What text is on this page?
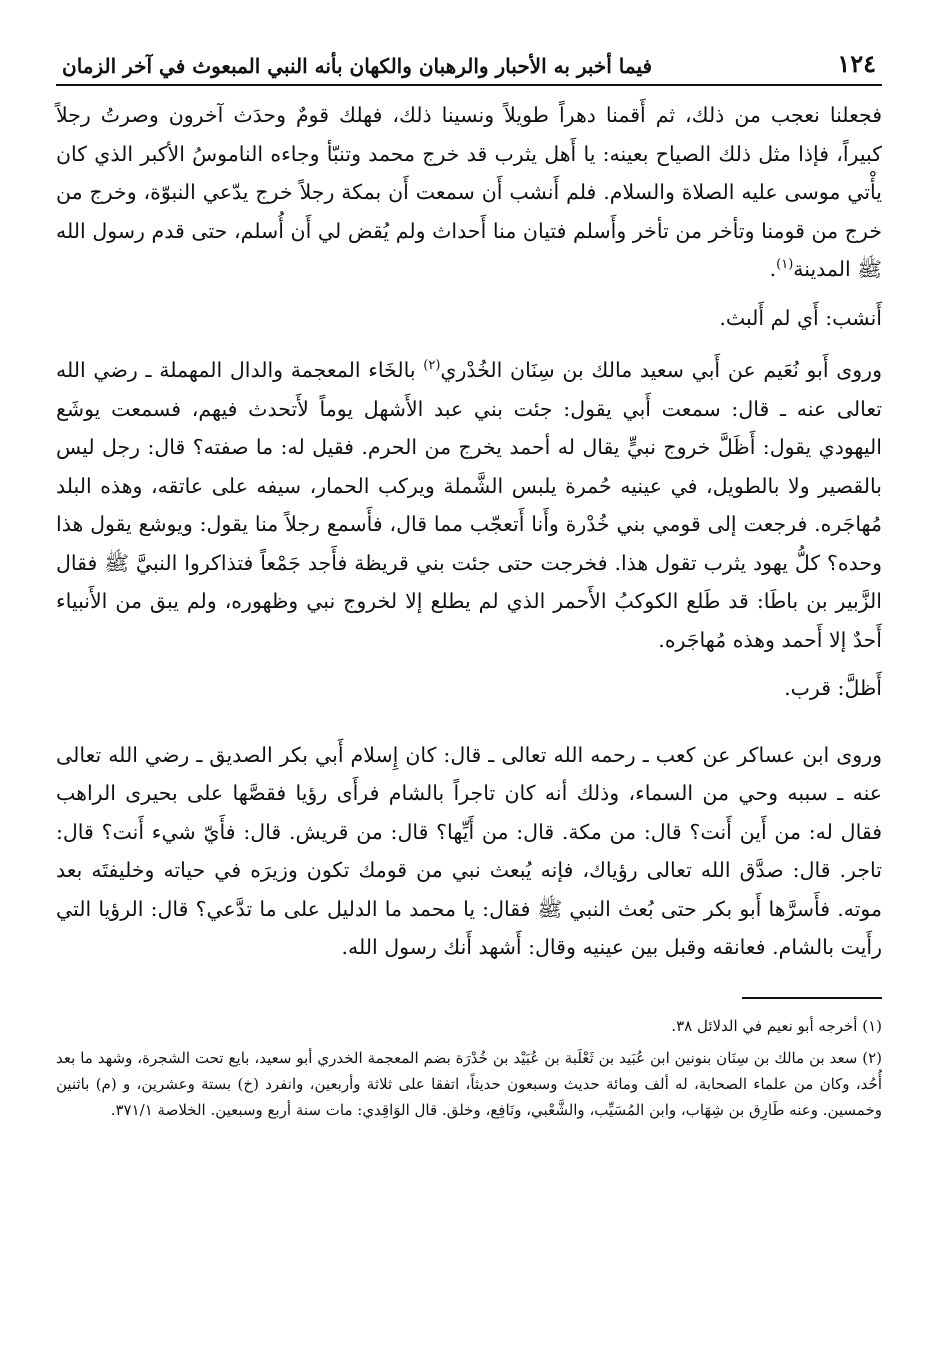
١٢٤
فيما أخبر به الأحبار والرهبان والكهان بأنه النبي المبعوث في آخر الزمان

فجعلنا نعجب من ذلك، ثم أَقمنا دهراً طويلاً ونسينا ذلك، فهلك قومٌ وحدَث آخرون وصرتُ رجلاً كبيراً، فإذا مثل ذلك الصياح بعينه: يا أَهل يثرب قد خرج محمد وتنبّأ وجاءه الناموسُ الأكبر الذي كان يأْتي موسى عليه الصلاة والسلام. فلم أَنشب أَن سمعت أَن بمكة رجلاً خرج يدّعي النبوّة، وخرج من خرج من قومنا وتأخر من تأخر وأَسلم فتيان منا أَحداث ولم يُقض لي أَن أُسلم، حتى قدم رسول الله ﷺ المدينة$^{(١)}$.

أَنشب: أَي لم أَلبث.

وروى أَبو نُعَيم عن أَبي سعيد مالك بن سِنَان الخُدْري$^{(٢)}$ بالخَاء المعجمة والدال المهملة ـ رضي الله تعالى عنه ـ قال: سمعت أَبي يقول: جئت بني عبد الأَشهل يوماً لأَتحدث فيهم، فسمعت يوشَع اليهودي يقول: أَظَلَّ خروج نبيٍّ يقال له أحمد يخرج من الحرم. فقيل له: ما صفته؟ قال: رجل ليس بالقصير ولا بالطويل، في عينيه حُمرة يلبس الشَّملة ويركب الحمار، سيفه على عاتقه، وهذه البلد مُهاجَره. فرجعت إلى قومي بني خُدْرة وأَنا أَتعجّب مما قال، فأَسمع رجلاً منا يقول: ويوشع يقول هذا وحده؟ كلُّ يهود يثرب تقول هذا. فخرجت حتى جئت بني قريظة فأَجد جَمْعاً فتذاكروا النبيَّ ﷺ فقال الزَّبير بن باطَا: قد طَلع الكوكبُ الأَحمر الذي لم يطلع إلا لخروج نبي وظهوره، ولم يبق من الأَنبياء أَحدٌ إلا أَحمد وهذه مُهاجَره.

أَظلَّ: قرب.

وروى ابن عساكر عن كعب ـ رحمه الله تعالى ـ قال: كان إِسلام أَبي بكر الصديق ـ رضي الله تعالى عنه ـ سببه وحي من السماء، وذلك أنه كان تاجراً بالشام فرأَى رؤيا فقصَّها على بحيرى الراهب فقال له: من أَين أَنت؟ قال: من مكة. قال: من أَيِّها؟ قال: من قريش. قال: فأَيّ شيء أَنت؟ قال: تاجر. قال: صدَّق الله تعالى رؤياك، فإنه يُبعث نبي من قومك تكون وزيرَه في حياته وخليفتَه بعد موته. فأَسرَّها أَبو بكر حتى بُعث النبي ﷺ فقال: يا محمد ما الدليل على ما تدَّعي؟ قال: الرؤيا التي رأَيت بالشام. فعانقه وقبل بين عينيه وقال: أَشهد أَنك رسول الله.

(١) أخرجه أبو نعيم في الدلائل ٣٨.

(٢) سعد بن مالك بن سِنَان بنونين ابن عُبَيد بن ثَعْلَبة بن عُبَيْد بن خُدْرَة بضم المعجمة الخدري أبو سعيد، بايع تحت الشجرة، وشهد ما بعد أُحُد، وكان من علماء الصحابة، له ألف ومائة حديث وسبعون حديثاً، اتفقا على ثلاثة وأربعين، وانفرد (خ) بستة وعشرين، و (م) باثنين وخمسين. وعنه طَارِق بن شِهَاب، وابن المُسَيِّب، والشَّعْبي، ونَافِع، وخلق. قال الوَاقِدي: مات سنة أربع وسبعين. الخلاصة ٣٧١/١.
